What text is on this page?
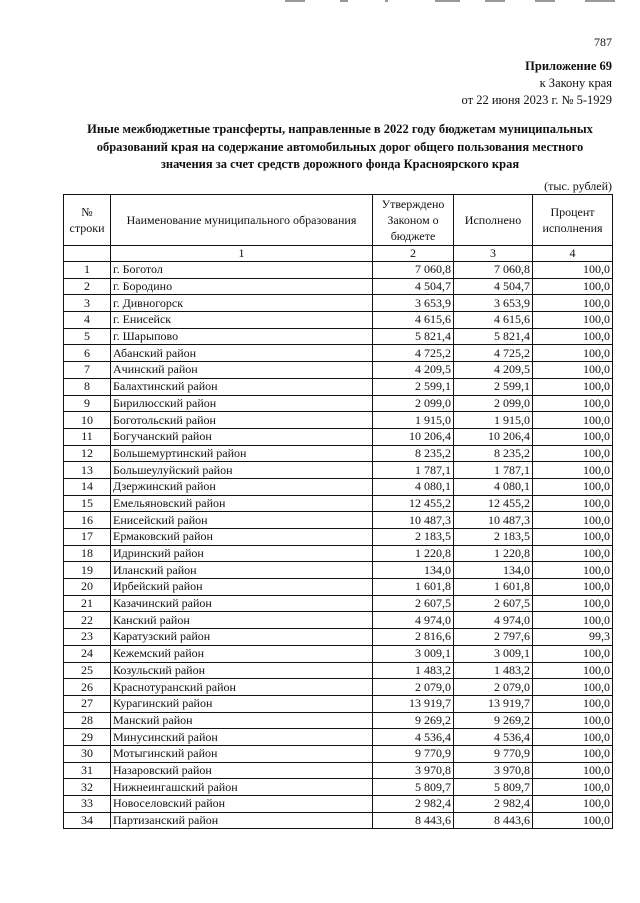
787
Приложение 69
к Закону края
от 22 июня 2023 г. № 5-1929
Иные межбюджетные трансферты, направленные в 2022 году бюджетам муниципальных
образований края на содержание автомобильных дорог общего пользования местного
значения за счет средств дорожного фонда Красноярского края
(тыс. рублей)
№ строки	Наименование муниципального образования	Утверждено Законом о бюджете	Исполнено	Процент исполнения
	1	2	3	4
1	г. Боготол	7 060,8	7 060,8	100,0
2	г. Бородино	4 504,7	4 504,7	100,0
3	г. Дивногорск	3 653,9	3 653,9	100,0
4	г. Енисейск	4 615,6	4 615,6	100,0
5	г. Шарыпово	5 821,4	5 821,4	100,0
6	Абанский район	4 725,2	4 725,2	100,0
7	Ачинский район	4 209,5	4 209,5	100,0
8	Балахтинский район	2 599,1	2 599,1	100,0
9	Бирилюсский район	2 099,0	2 099,0	100,0
10	Боготольский район	1 915,0	1 915,0	100,0
11	Богучанский район	10 206,4	10 206,4	100,0
12	Большемуртинский район	8 235,2	8 235,2	100,0
13	Большеулуйский район	1 787,1	1 787,1	100,0
14	Дзержинский район	4 080,1	4 080,1	100,0
15	Емельяновский район	12 455,2	12 455,2	100,0
16	Енисейский район	10 487,3	10 487,3	100,0
17	Ермаковский район	2 183,5	2 183,5	100,0
18	Идринский район	1 220,8	1 220,8	100,0
19	Иланский район	134,0	134,0	100,0
20	Ирбейский район	1 601,8	1 601,8	100,0
21	Казачинский район	2 607,5	2 607,5	100,0
22	Канский район	4 974,0	4 974,0	100,0
23	Каратузский район	2 816,6	2 797,6	99,3
24	Кежемский район	3 009,1	3 009,1	100,0
25	Козульский район	1 483,2	1 483,2	100,0
26	Краснотуранский район	2 079,0	2 079,0	100,0
27	Курагинский район	13 919,7	13 919,7	100,0
28	Манский район	9 269,2	9 269,2	100,0
29	Минусинский район	4 536,4	4 536,4	100,0
30	Мотыгинский район	9 770,9	9 770,9	100,0
31	Назаровский район	3 970,8	3 970,8	100,0
32	Нижнеингашский район	5 809,7	5 809,7	100,0
33	Новоселовский район	2 982,4	2 982,4	100,0
34	Партизанский район	8 443,6	8 443,6	100,0
